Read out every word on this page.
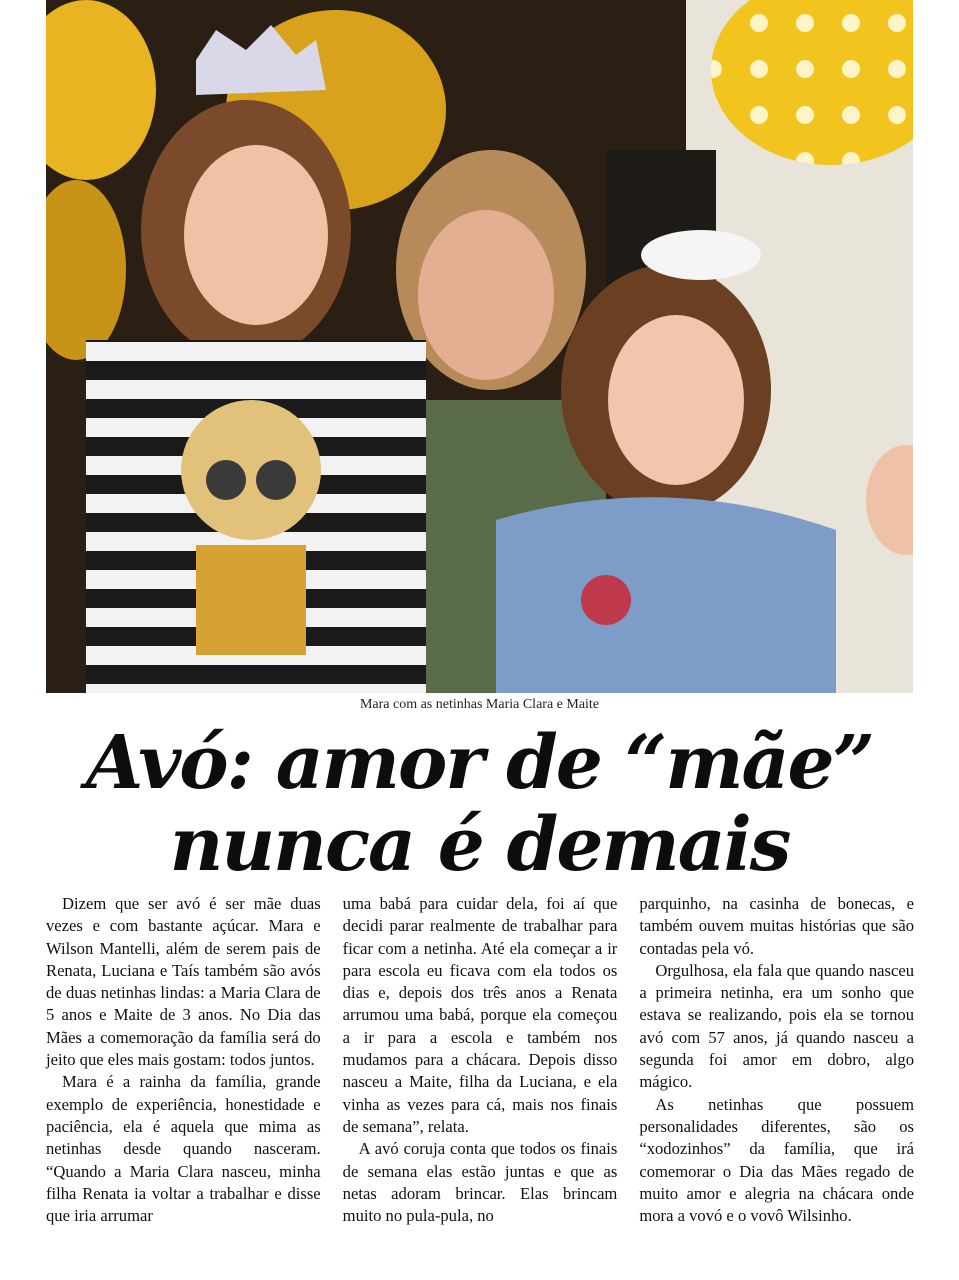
Mara com as netinhas Maria Clara e Maite
Avó: amor de “mãe”
nunca é demais

Dizem que ser avó é ser mãe duas vezes e com bastante açúcar. Mara e Wilson Mantelli, além de serem pais de Renata, Luciana e Taís também são avós de duas netinhas lindas: a Maria Clara de 5 anos e Maite de 3 anos. No Dia das Mães a comemoração da família será do jeito que eles mais gostam: todos juntos.

Mara é a rainha da família, grande exemplo de experiência, honestidade e paciência, ela é aquela que mima as netinhas desde quando nasceram. “Quando a Maria Clara nasceu, minha filha Renata ia voltar a trabalhar e disse que iria arrumar

uma babá para cuidar dela, foi aí que decidi parar realmente de trabalhar para ficar com a netinha. Até ela começar a ir para escola eu ficava com ela todos os dias e, depois dos três anos a Renata arrumou uma babá, porque ela começou a ir para a escola e também nos mudamos para a chácara. Depois disso nasceu a Maite, filha da Luciana, e ela vinha as vezes para cá, mais nos finais de semana”, relata.

A avó coruja conta que todos os finais de semana elas estão juntas e que as netas adoram brincar. Elas brincam muito no pula-pula, no

parquinho, na casinha de bonecas, e também ouvem muitas histórias que são contadas pela vó.

Orgulhosa, ela fala que quando nasceu a primeira netinha, era um sonho que estava se realizando, pois ela se tornou avó com 57 anos, já quando nasceu a segunda foi amor em dobro, algo mágico.

As netinhas que possuem personalidades diferentes, são os “xodozinhos” da família, que irá comemorar o Dia das Mães regado de muito amor e alegria na chácara onde mora a vovó e o vovô Wilsinho.
